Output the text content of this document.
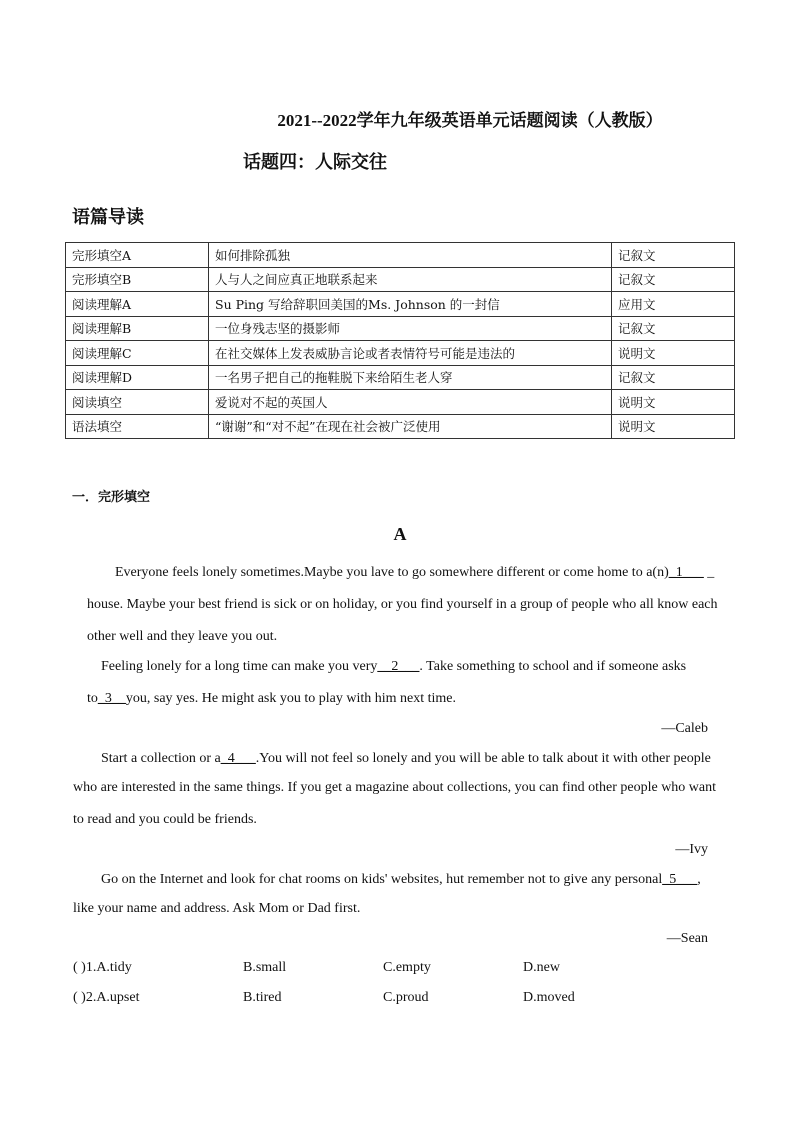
2021--2022学年九年级英语单元话题阅读（人教版）
话题四：人际交往
语篇导读
完形填空A	如何排除孤独	记叙文
完形填空B	人与人之间应真正地联系起来	记叙文
阅读理解A	Su Ping 写给辞职回美国的Ms. Johnson 的一封信	应用文
阅读理解B	一位身残志坚的摄影师	记叙文
阅读理解C	在社交媒体上发表威胁言论或者表情符号可能是违法的	说明文
阅读理解D	一名男子把自己的拖鞋脱下来给陌生老人穿	记叙文
阅读填空	爱说对不起的英国人	说明文
语法填空	“谢谢”和“对不起”在现在社会被广泛使用	说明文
一．完形填空
A
Everyone feels lonely sometimes.Maybe you lave to go somewhere different or come home to a(n)_1___ _
house. Maybe your best friend is sick or on holiday, or you find yourself in a group of people who all know each
other well and they leave you out.
Feeling lonely for a long time can make you very__2___. Take something to school and if someone asks
to_3__you, say yes. He might ask you to play with him next time.
—Caleb
Start a collection or a_4___.You will not feel so lonely and you will be able to talk about it with other people
who are interested in the same things. If you get a magazine about collections, you can find other people who want
to read and you could be friends.
—Ivy
Go on the Internet and look for chat rooms on kids' websites, hut remember not to give any personal_5___,
like your name and address. Ask Mom or Dad first.
—Sean
( )1.A.tidy	B.small	C.empty	D.new
( )2.A.upset	B.tired	C.proud	D.moved
